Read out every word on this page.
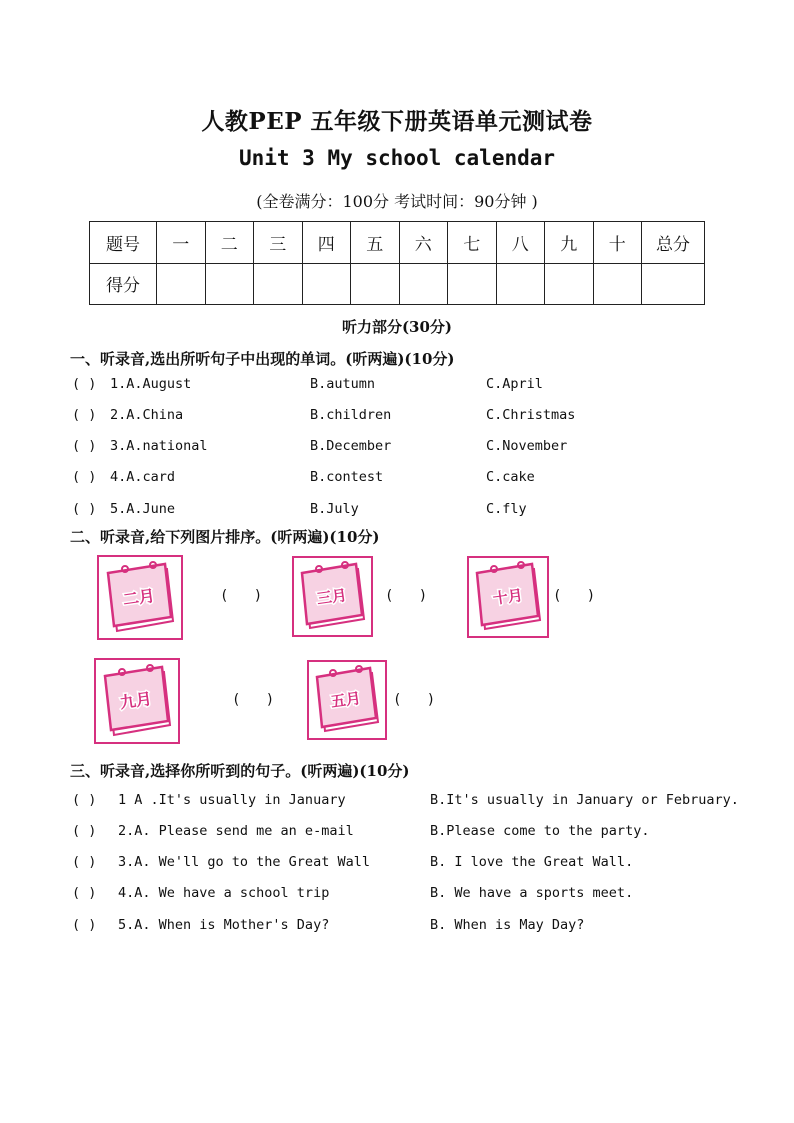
人教PEP 五年级下册英语单元测试卷
Unit 3 My school calendar
(全卷满分：100分 考试时间：90分钟 )
题号	一	二	三	四	五	六	七	八	九	十	总分
得分											
听力部分(30分)
一、听录音,选出所听句子中出现的单词。(听两遍)(10分)
( ) 1.A.August	B.autumn	C.April
( ) 2.A.China	B.children	C.Christmas
( ) 3.A.national	B.December	C.November
( ) 4.A.card	B.contest	C.cake
( ) 5.A.June	B.July	C.fly
二、听录音,给下列图片排序。(听两遍)(10分)
二月	(   )	三月	(   )	十月 (   )
九月	(   )	五月 (   )
三、听录音,选择你所听到的句子。(听两遍)(10分)
( ) 1 A .It's usually in January	B.It's usually in January or February.
( ) 2.A. Please send me an e-mail	B.Please come to the party.
( ) 3.A. We'll go to the Great Wall	B. I love the Great Wall.
( ) 4.A. We have a school trip	B. We have a sports meet.
( ) 5.A. When is Mother's Day?	B. When is May Day?
